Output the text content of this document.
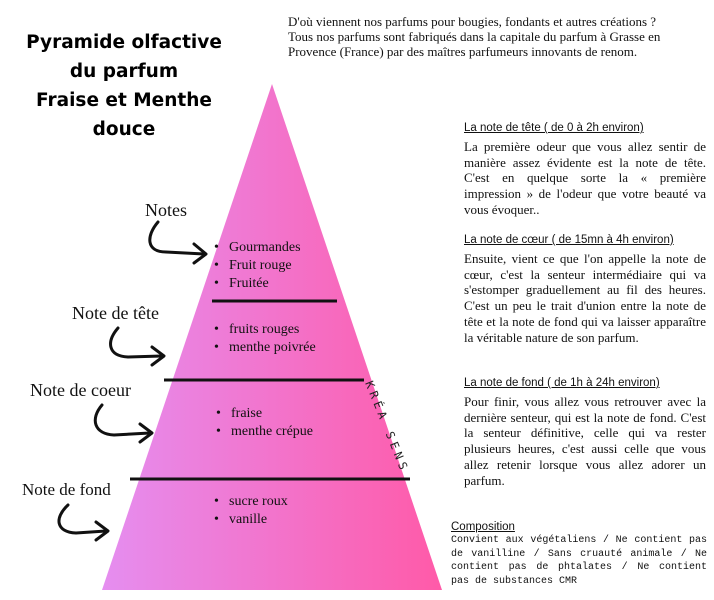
Pyramide olfactive
du parfum
Fraise et Menthe
douce
D'où viennent nos parfums pour bougies, fondants et autres créations ?
Tous nos parfums sont fabriqués dans la capitale du parfum à Grasse en
Provence (France) par des maîtres parfumeurs innovants de renom.
Notes
Note de tête
Note de coeur
Note de fond
• Gourmandes
• Fruit rouge
• Fruitée
• fruits rouges
• menthe poivrée
• fraise
• menthe crépue
• sucre roux
• vanille
KRÉA SENS
La note de tête ( de 0 à 2h environ)
La première odeur que vous allez sentir de manière assez évidente est la note de tête. C'est en quelque sorte la « première impression » de l'odeur que votre beauté va vous évoquer..
La note de cœur ( de 15mn à 4h environ)
Ensuite, vient ce que l'on appelle la note de cœur, c'est la senteur intermédiaire qui va s'estomper graduellement au fil des heures. C'est un peu le trait d'union entre la note de tête et la note de fond qui va laisser apparaître la véritable nature de son parfum.
La note de fond ( de 1h à 24h environ)
Pour finir, vous allez vous retrouver avec la dernière senteur, qui est la note de fond. C'est la senteur définitive, celle qui va rester plusieurs heures, c'est aussi celle que vous allez retenir lorsque vous allez adorer un parfum.
Composition
Convient aux végétaliens / Ne contient pas de vanilline / Sans cruauté animale / Ne contient pas de phtalates / Ne contient pas de substances CMR
